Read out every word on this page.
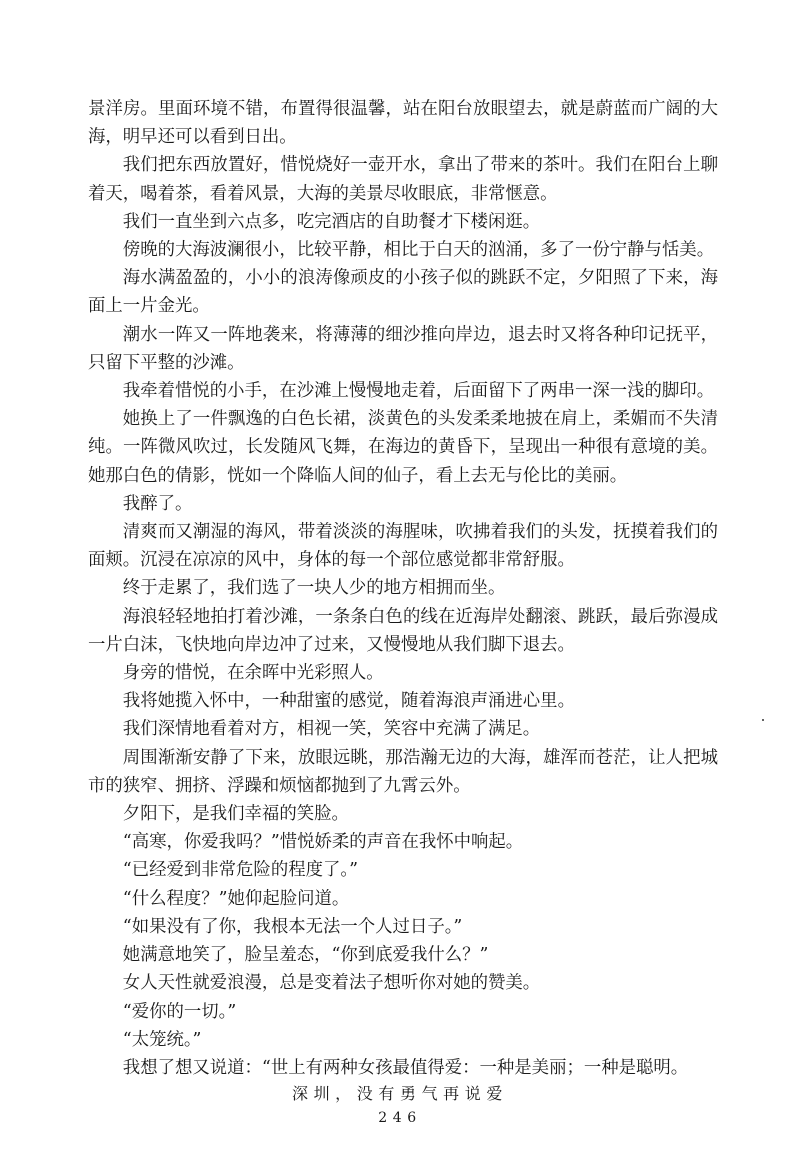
景洋房。里面环境不错，布置得很温馨，站在阳台放眼望去，就是蔚蓝而广阔的大海，明早还可以看到日出。

我们把东西放置好，惜悦烧好一壶开水，拿出了带来的茶叶。我们在阳台上聊着天，喝着茶，看着风景，大海的美景尽收眼底，非常惬意。

我们一直坐到六点多，吃完酒店的自助餐才下楼闲逛。

傍晚的大海波澜很小，比较平静，相比于白天的汹涌，多了一份宁静与恬美。

海水满盈盈的，小小的浪涛像顽皮的小孩子似的跳跃不定，夕阳照了下来，海面上一片金光。

潮水一阵又一阵地袭来，将薄薄的细沙推向岸边，退去时又将各种印记抚平，只留下平整的沙滩。

我牵着惜悦的小手，在沙滩上慢慢地走着，后面留下了两串一深一浅的脚印。

她换上了一件飘逸的白色长裙，淡黄色的头发柔柔地披在肩上，柔媚而不失清纯。一阵微风吹过，长发随风飞舞，在海边的黄昏下，呈现出一种很有意境的美。她那白色的倩影，恍如一个降临人间的仙子，看上去无与伦比的美丽。

我醉了。

清爽而又潮湿的海风，带着淡淡的海腥味，吹拂着我们的头发，抚摸着我们的面颊。沉浸在凉凉的风中，身体的每一个部位感觉都非常舒服。

终于走累了，我们选了一块人少的地方相拥而坐。

海浪轻轻地拍打着沙滩，一条条白色的线在近海岸处翻滚、跳跃，最后弥漫成一片白沫，飞快地向岸边冲了过来，又慢慢地从我们脚下退去。

身旁的惜悦，在余晖中光彩照人。

我将她揽入怀中，一种甜蜜的感觉，随着海浪声涌进心里。

我们深情地看着对方，相视一笑，笑容中充满了满足。

周围渐渐安静了下来，放眼远眺，那浩瀚无边的大海，雄浑而苍茫，让人把城市的狭窄、拥挤、浮躁和烦恼都抛到了九霄云外。

夕阳下，是我们幸福的笑脸。

“高寒，你爱我吗？”惜悦娇柔的声音在我怀中响起。

“已经爱到非常危险的程度了。”

“什么程度？”她仰起脸问道。

“如果没有了你，我根本无法一个人过日子。”

她满意地笑了，脸呈羞态，“你到底爱我什么？”

女人天性就爱浪漫，总是变着法子想听你对她的赞美。

“爱你的一切。”

“太笼统。”

我想了想又说道：“世上有两种女孩最值得爱：一种是美丽；一种是聪明。

深圳，没有勇气再说爱
246
